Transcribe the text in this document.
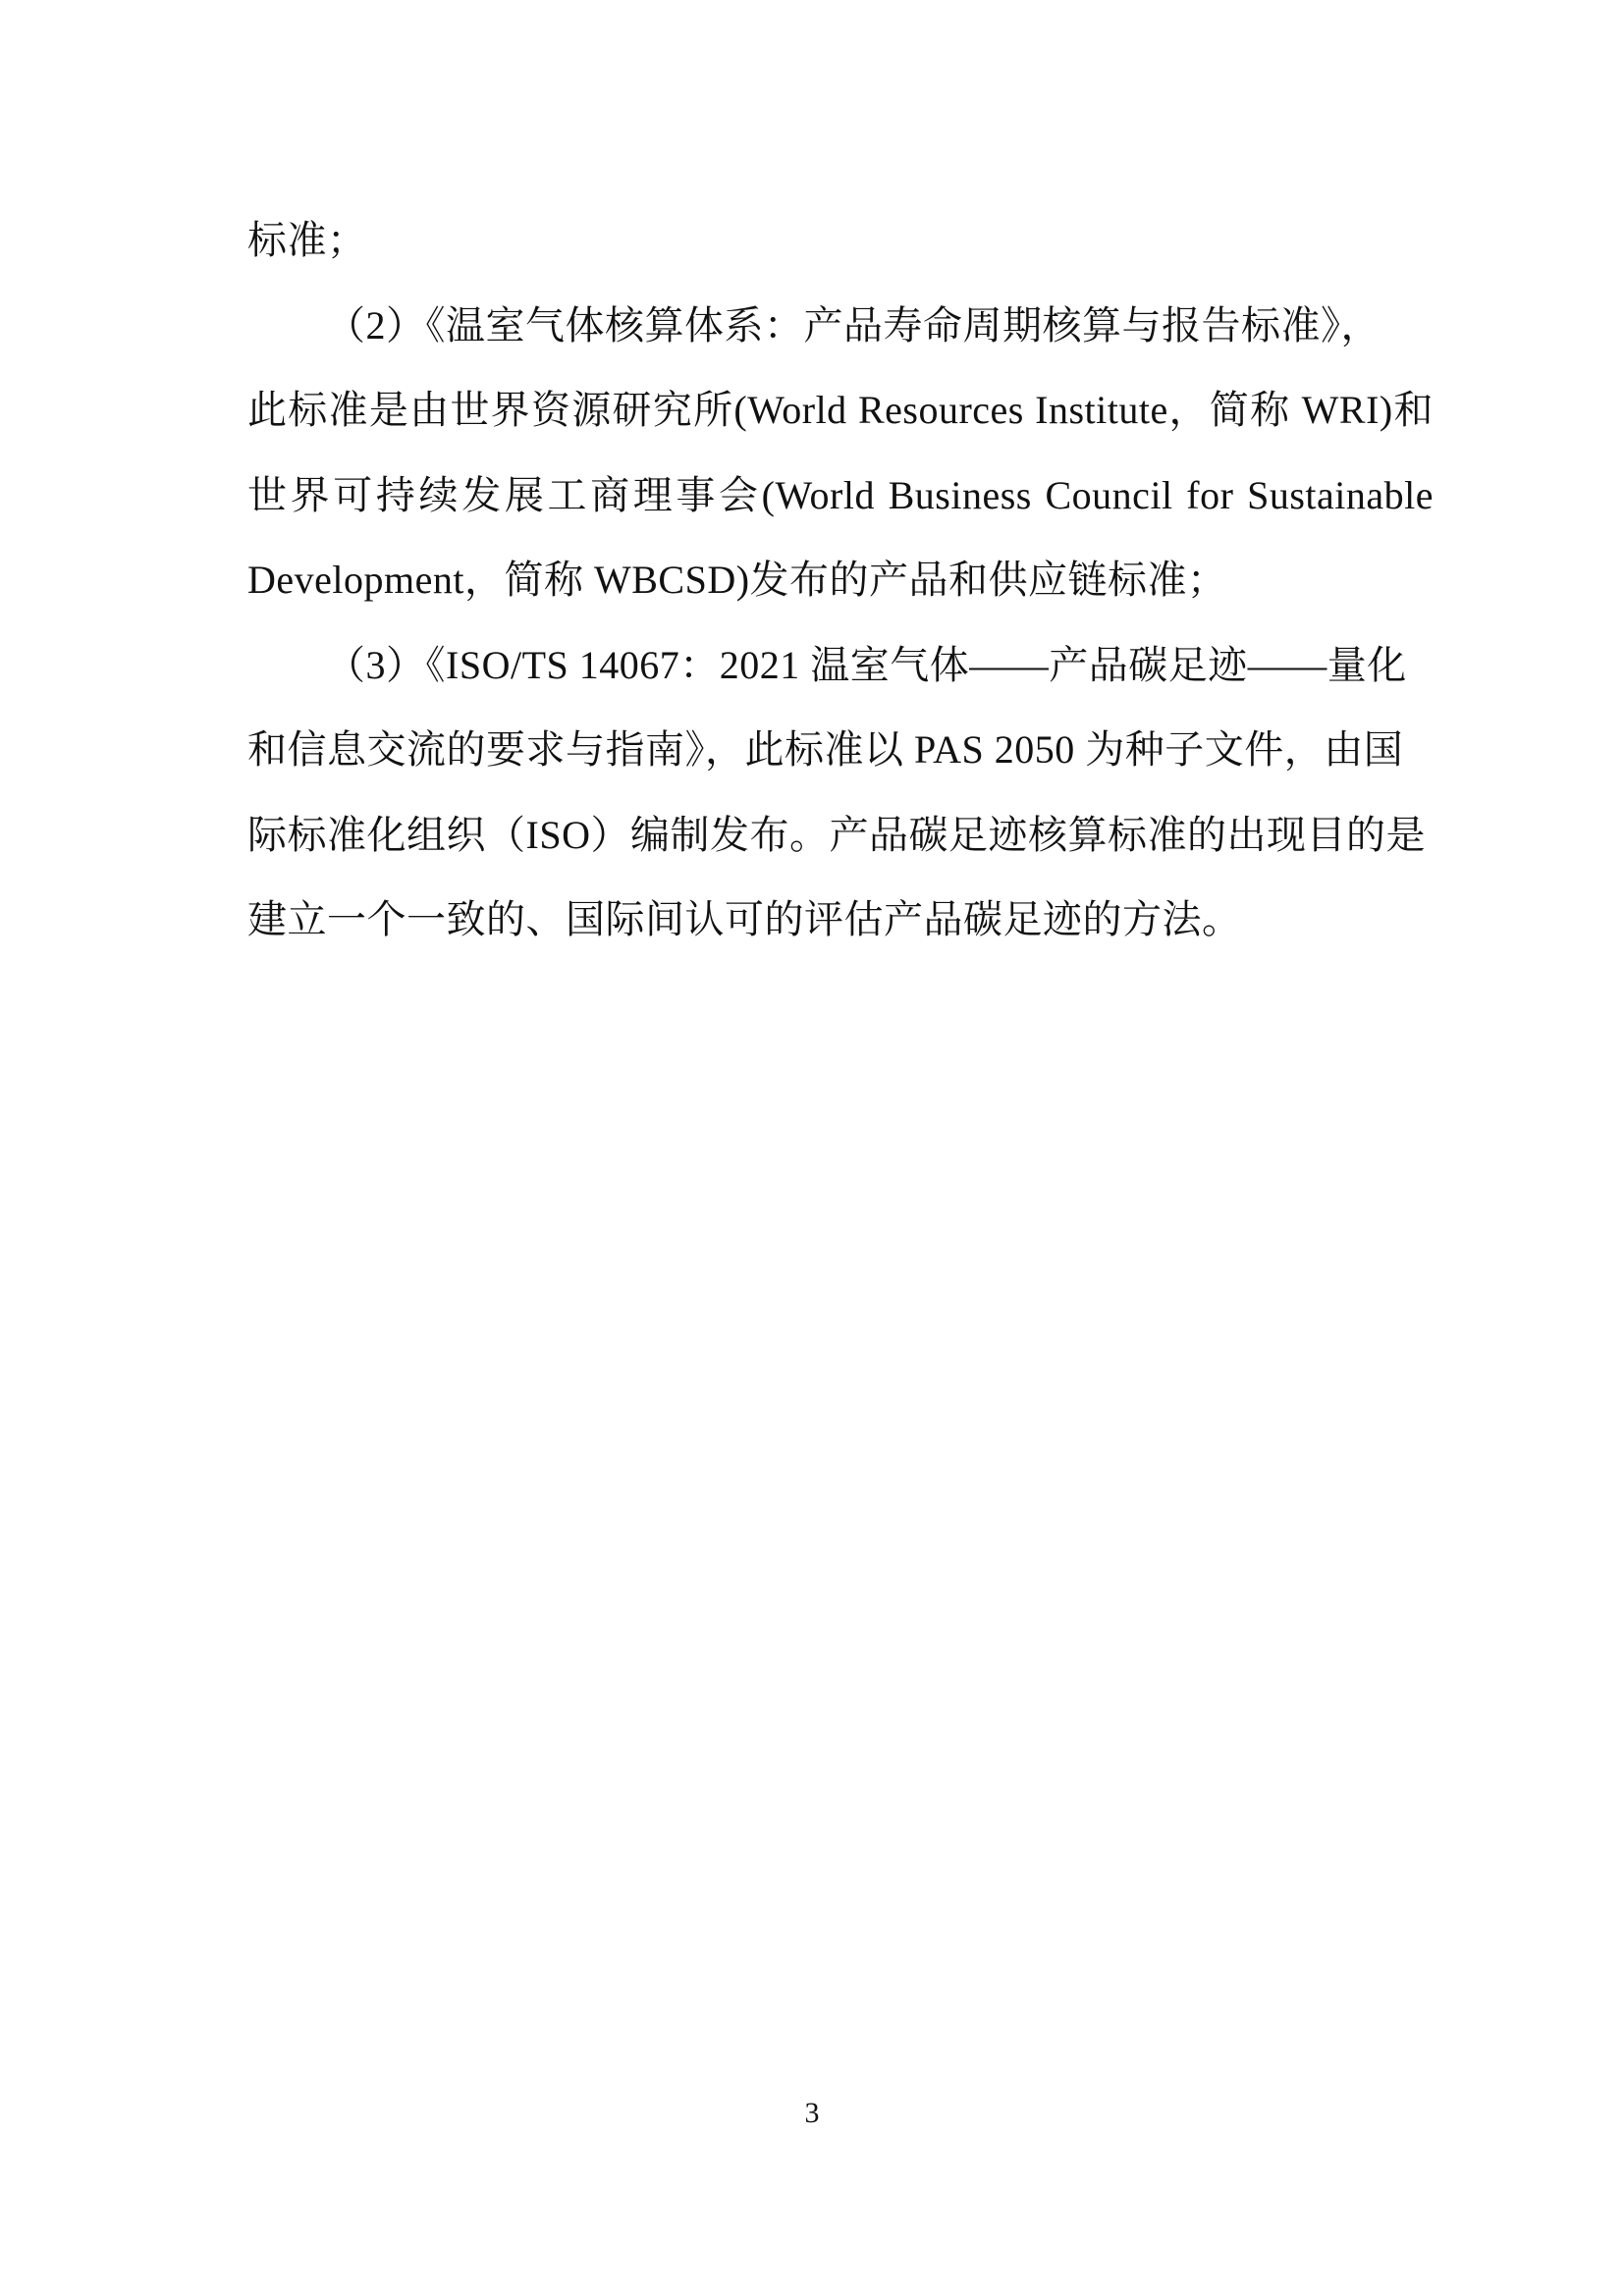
标准；
（2）《温室气体核算体系：产品寿命周期核算与报告标准》，
此标准是由世界资源研究所(World Resources Institute，简称 WRI)和
世界可持续发展工商理事会(World Business Council for Sustainable
Development，简称 WBCSD)发布的产品和供应链标准；
（3）《ISO/TS 14067：2021 温室气体——产品碳足迹——量化
和信息交流的要求与指南》，此标准以 PAS 2050 为种子文件，由国
际标准化组织（ISO）编制发布。产品碳足迹核算标准的出现目的是
建立一个一致的、国际间认可的评估产品碳足迹的方法。
3
